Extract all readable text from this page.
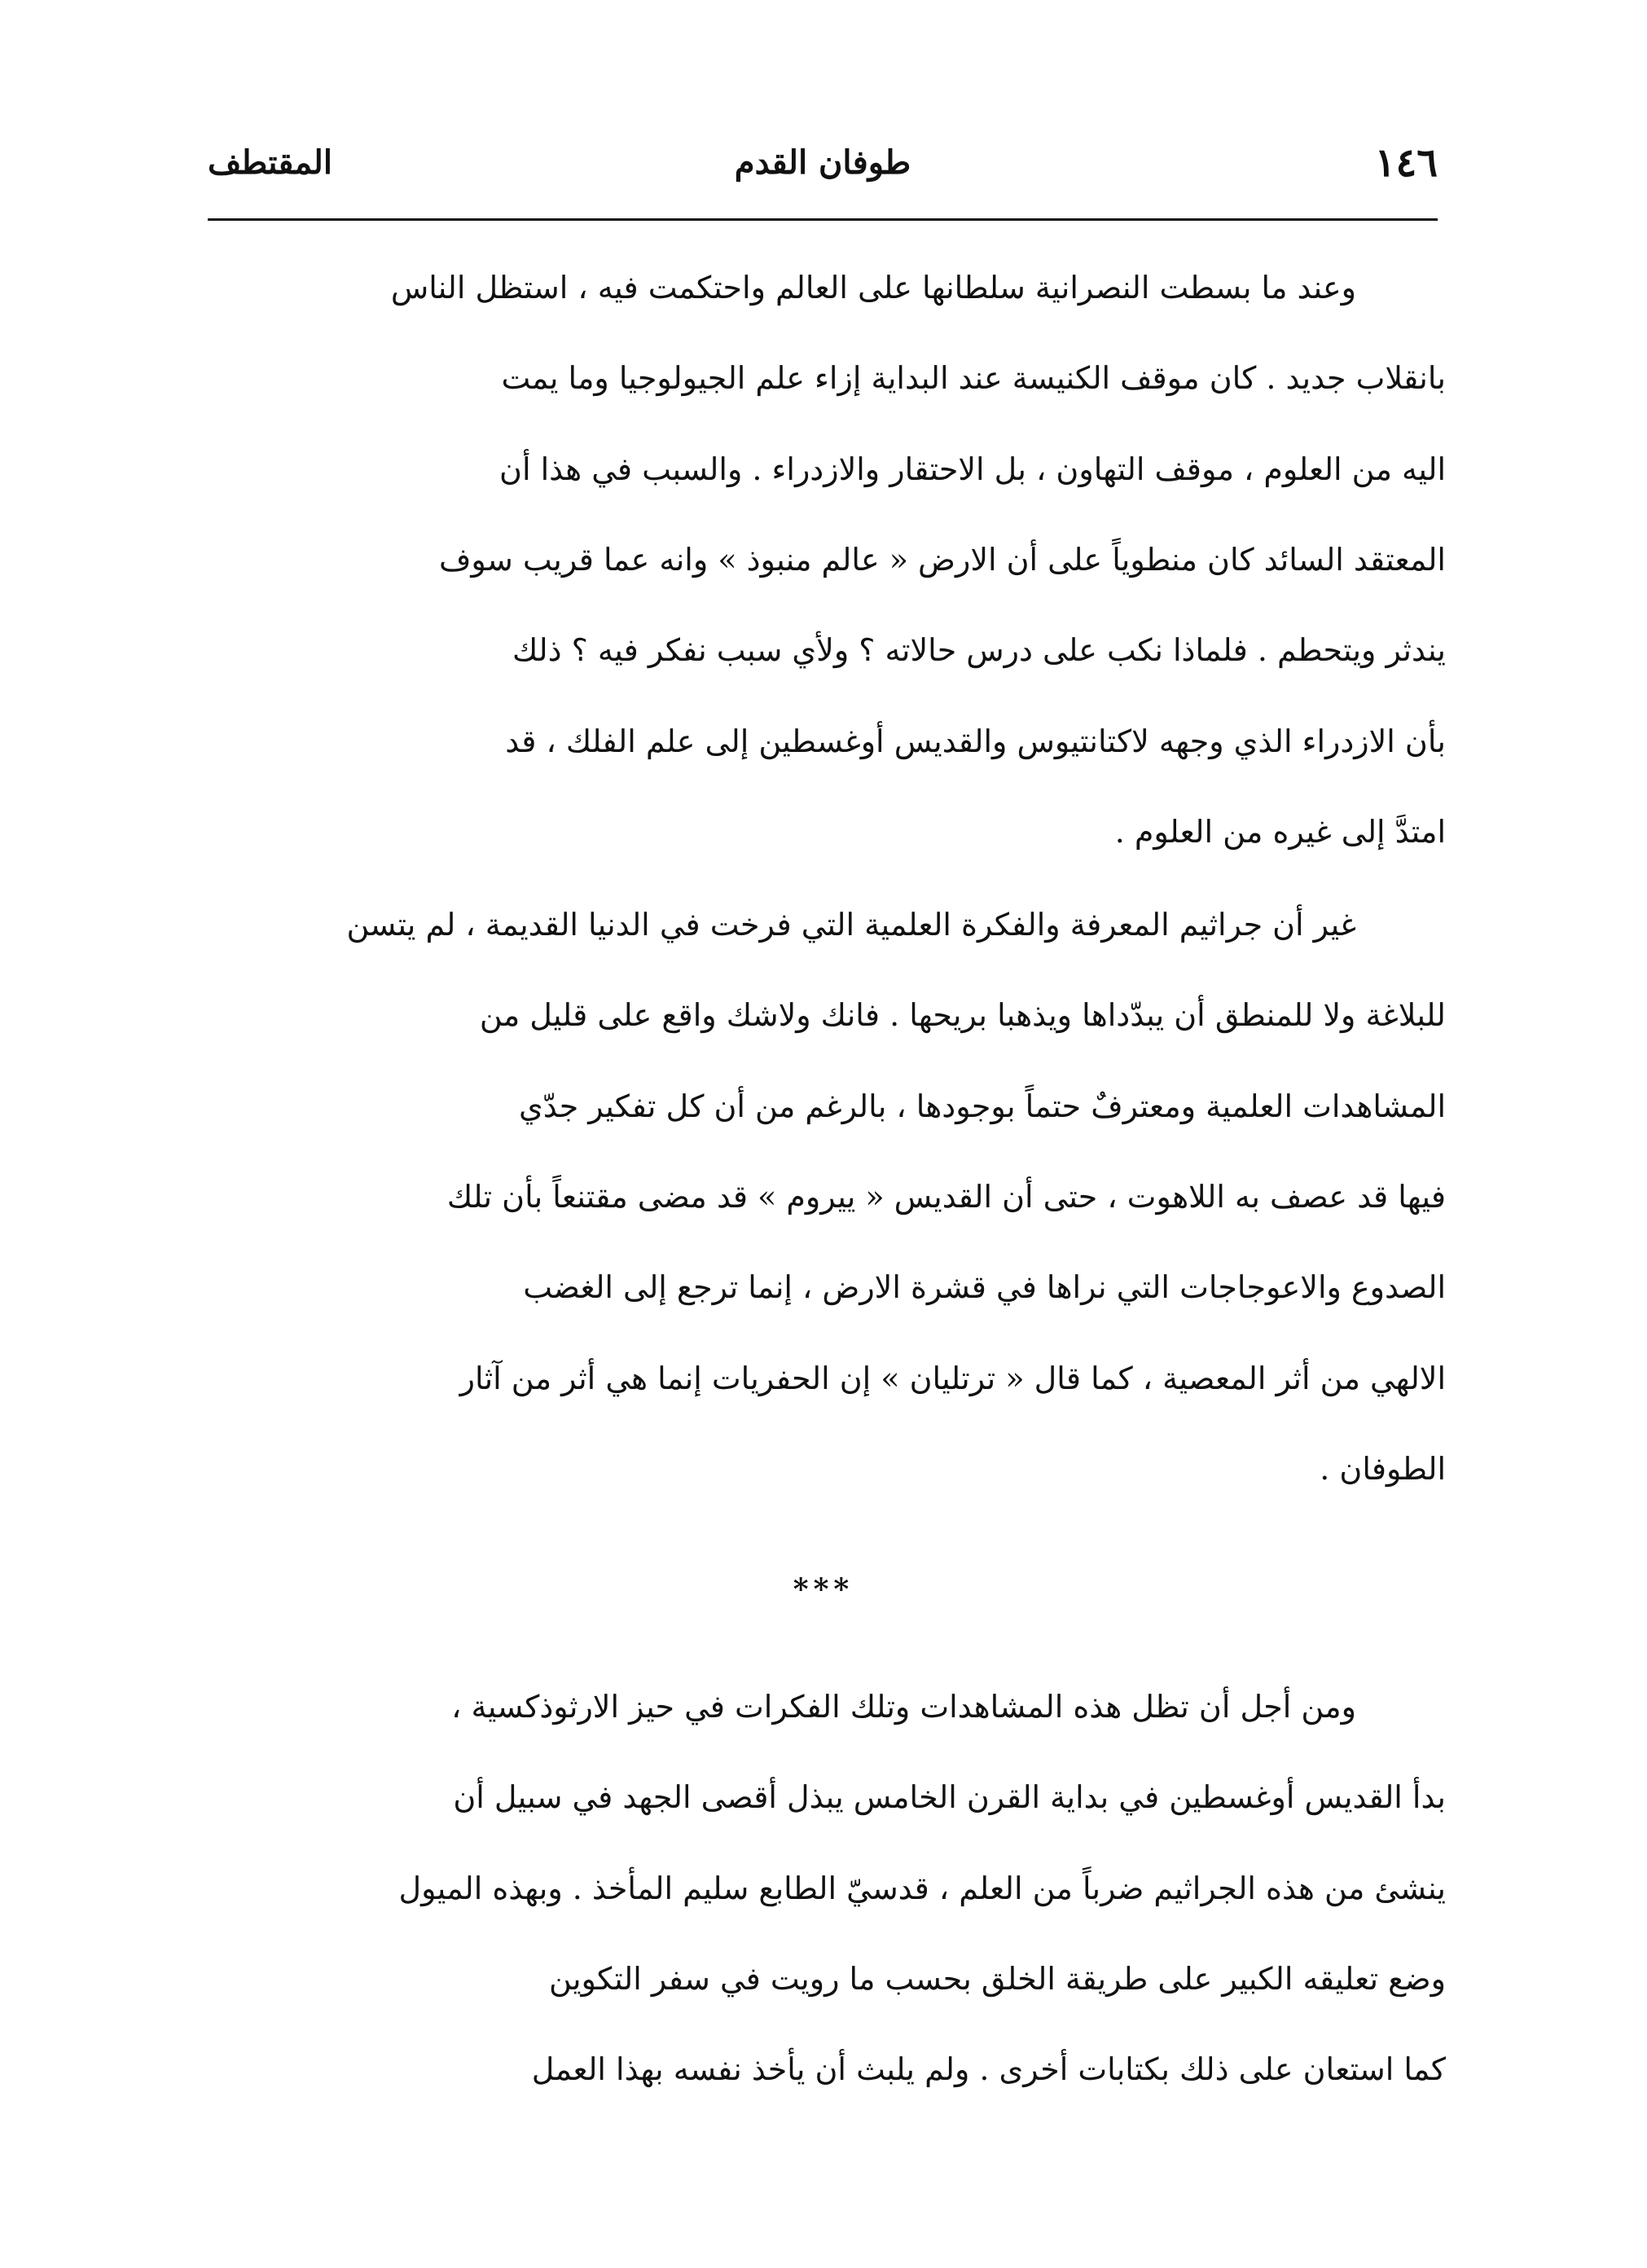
١٤٦
طوفان القدم
المقتطف
وعند ما بسطت النصرانية سلطانها على العالم واحتكمت فيه ، استظل الناس
بانقلاب جديد . كان موقف الكنيسة عند البداية إزاء علم الجيولوجيا وما يمت
اليه من العلوم ، موقف التهاون ، بل الاحتقار والازدراء . والسبب في هذا أن
المعتقد السائد كان منطوياً على أن الارض « عالم منبوذ » وانه عما قريب سوف
يندثر ويتحطم . فلماذا نكب على درس حالاته ؟ ولأي سبب نفكر فيه ؟ ذلك
بأن الازدراء الذي وجهه لاكتانتيوس والقديس أوغسطين إلى علم الفلك ، قد
امتدَّ إلى غيره من العلوم .
غير أن جراثيم المعرفة والفكرة العلمية التي فرخت في الدنيا القديمة ، لم يتسن
للبلاغة ولا للمنطق أن يبدّداها ويذهبا بريحها . فانك ولاشك واقع على قليل من
المشاهدات العلمية ومعترفٌ حتماً بوجودها ، بالرغم من أن كل تفكير جدّي
فيها قد عصف به اللاهوت ، حتى أن القديس « ييروم » قد مضى مقتنعاً بأن تلك
الصدوع والاعوجاجات التي نراها في قشرة الارض ، إنما ترجع إلى الغضب
الالهي من أثر المعصية ، كما قال « ترتليان » إن الحفريات إنما هي أثر من آثار
الطوفان .
***
ومن أجل أن تظل هذه المشاهدات وتلك الفكرات في حيز الارثوذكسية ،
بدأ القديس أوغسطين في بداية القرن الخامس يبذل أقصى الجهد في سبيل أن
ينشئ من هذه الجراثيم ضرباً من العلم ، قدسيّ الطابع سليم المأخذ . وبهذه الميول
وضع تعليقه الكبير على طريقة الخلق بحسب ما رويت في سفر التكوين
كما استعان على ذلك بكتابات أخرى . ولم يلبث أن يأخذ نفسه بهذا العمل
